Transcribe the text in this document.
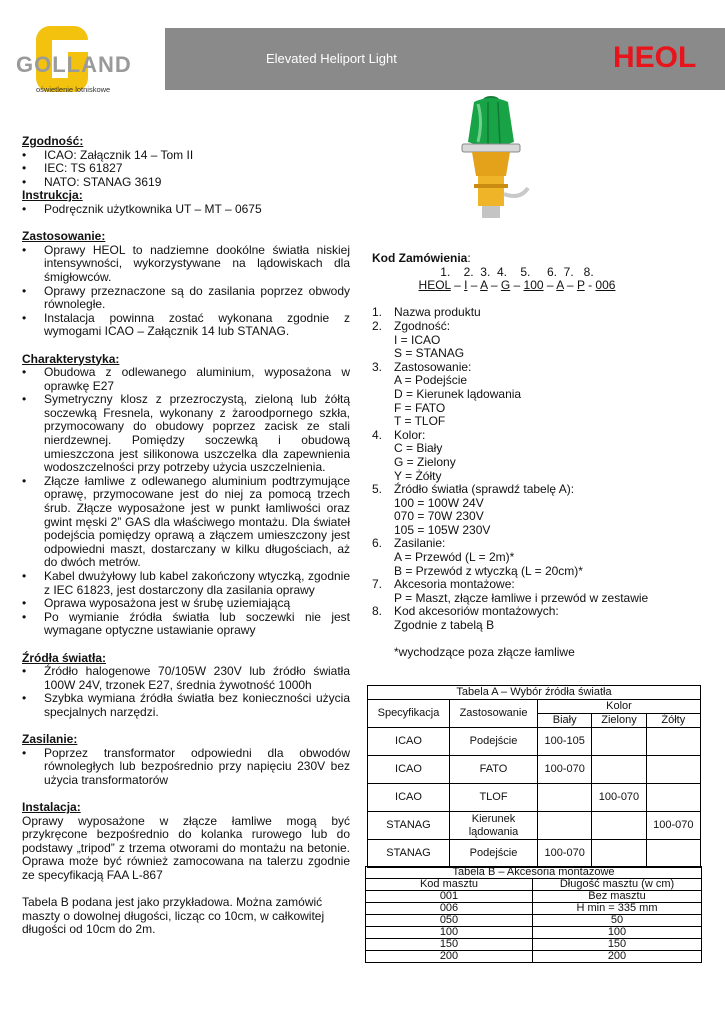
GOLLAND
oświetlenie lotniskowe
Elevated Heliport Light	HEOL
Zgodność:
• ICAO: Załącznik 14 – Tom II
• IEC: TS 61827
• NATO: STANAG 3619
Instrukcja:
• Podręcznik użytkownika UT – MT – 0675
Zastosowanie:
• Oprawy HEOL to nadziemne dookólne światła niskiej intensywności, wykorzystywane na lądowiskach dla śmigłowców.
• Oprawy przeznaczone są do zasilania poprzez obwody równoległe.
• Instalacja powinna zostać wykonana zgodnie z wymogami ICAO – Załącznik 14 lub STANAG.
Charakterystyka:
• Obudowa z odlewanego aluminium, wyposażona w oprawkę E27
• Symetryczny klosz z przezroczystą, zieloną lub żółtą soczewką Fresnela, wykonany z żaroodpornego szkła, przymocowany do obudowy poprzez zacisk ze stali nierdzewnej. Pomiędzy soczewką i obudową umieszczona jest silikonowa uszczelka dla zapewnienia wodoszczelności przy potrzeby użycia uszczelnienia.
• Złącze łamliwe z odlewanego aluminium podtrzymujące oprawę, przymocowane jest do niej za pomocą trzech śrub. Złącze wyposażone jest w punkt łamliwości oraz gwint męski 2” GAS dla właściwego montażu. Dla świateł podejścia pomiędzy oprawą a złączem umieszczony jest odpowiedni maszt, dostarczany w kilku długościach, aż do dwóch metrów.
• Kabel dwużyłowy lub kabel zakończony wtyczką, zgodnie z IEC 61823, jest dostarczony dla zasilania oprawy
• Oprawa wyposażona jest w śrubę uziemiającą
• Po wymianie źródła światła lub soczewki nie jest wymagane optyczne ustawianie oprawy
Źródła światła:
• Źródło halogenowe 70/105W 230V lub źródło światła 100W 24V, trzonek E27, średnia żywotność 1000h
• Szybka wymiana źródła światła bez konieczności użycia specjalnych narzędzi.
Zasilanie:
• Poprzez transformator odpowiedni dla obwodów równoległych lub bezpośrednio przy napięciu 230V bez użycia transformatorów
Instalacja:
Oprawy wyposażone w złącze łamliwe mogą być przykręcone bezpośrednio do kolanka rurowego lub do podstawy „tripod” z trzema otworami do montażu na betonie. Oprawa może być również zamocowana na talerzu zgodnie ze specyfikacją FAA L-867
Tabela B podana jest jako przykładowa. Można zamówić maszty o dowolnej długości, licząc co 10cm, w całkowitej długości od 10cm do 2m.
Kod Zamówienia:
1.    2.  3.  4.    5.     6.  7.   8.
HEOL – I – A – G – 100 – A – P - 006
1. Nazwa produktu
2. Zgodność:
I = ICAO
S = STANAG
3. Zastosowanie:
A = Podejście
D = Kierunek lądowania
F = FATO
T = TLOF
4. Kolor:
C = Biały
G = Zielony
Y = Żółty
5. Źródło światła (sprawdź tabelę A):
100 = 100W 24V
070 = 70W 230V
105 = 105W 230V
6. Zasilanie:
A = Przewód (L = 2m)*
B = Przewód z wtyczką (L = 20cm)*
7. Akcesoria montażowe:
P = Maszt, złącze łamliwe i przewód w zestawie
8. Kod akcesoriów montażowych:
Zgodnie z tabelą B
*wychodzące poza złącze łamliwe
Tabela A – Wybór źródła światła				
Specyfikacja	Zastosowanie	Kolor		
		Biały	Zielony	Żółty
ICAO	Podejście	100-105		
ICAO	FATO	100-070		
ICAO	TLOF		100-070	
STANAG	Kierunek lądowania			100-070
STANAG	Podejście	100-070		
Tabela B – Akcesoria montażowe	
Kod masztu	Długość masztu (w cm)
001	Bez masztu
006	H min = 335 mm
050	50
100	100
150	150
200	200
